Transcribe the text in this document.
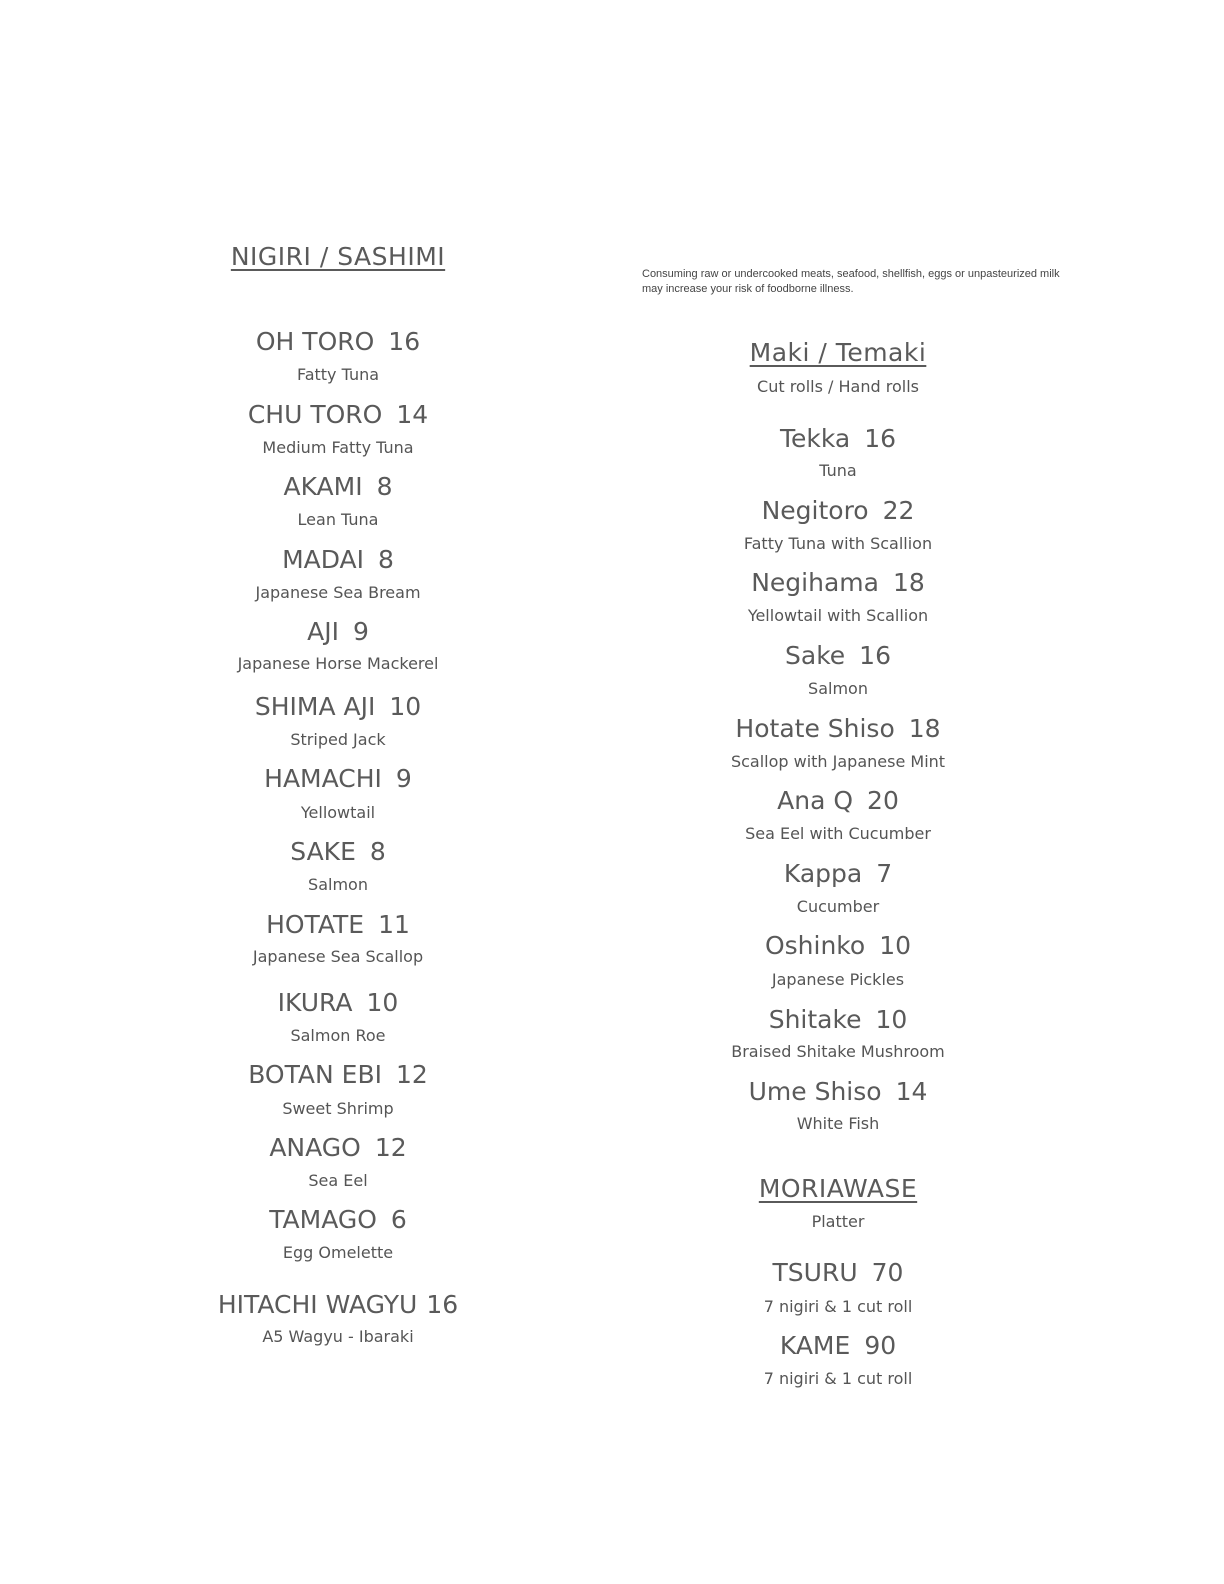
Consuming raw or undercooked meats, seafood, shellfish, eggs or unpasteurized milk
may increase your risk of foodborne illness.
NIGIRI / SASHIMI
OH TORO 16
Fatty Tuna
CHU TORO 14
Medium Fatty Tuna
AKAMI 8
Lean Tuna
MADAI 8
Japanese Sea Bream
AJI 9
Japanese Horse Mackerel
SHIMA AJI 10
Striped Jack
HAMACHI 9
Yellowtail
SAKE 8
Salmon
HOTATE 11
Japanese Sea Scallop
IKURA 10
Salmon Roe
BOTAN EBI 12
Sweet Shrimp
ANAGO 12
Sea Eel
TAMAGO 6
Egg Omelette
HITACHI WAGYU 16
A5 Wagyu - Ibaraki
Maki / Temaki
Cut rolls / Hand rolls
Tekka 16
Tuna
Negitoro 22
Fatty Tuna with Scallion
Negihama 18
Yellowtail with Scallion
Sake 16
Salmon
Hotate Shiso 18
Scallop with Japanese Mint
Ana Q 20
Sea Eel with Cucumber
Kappa 7
Cucumber
Oshinko 10
Japanese Pickles
Shitake 10
Braised Shitake Mushroom
Ume Shiso 14
White Fish
MORIAWASE
Platter
TSURU 70
7 nigiri & 1 cut roll
KAME 90
7 nigiri & 1 cut roll
